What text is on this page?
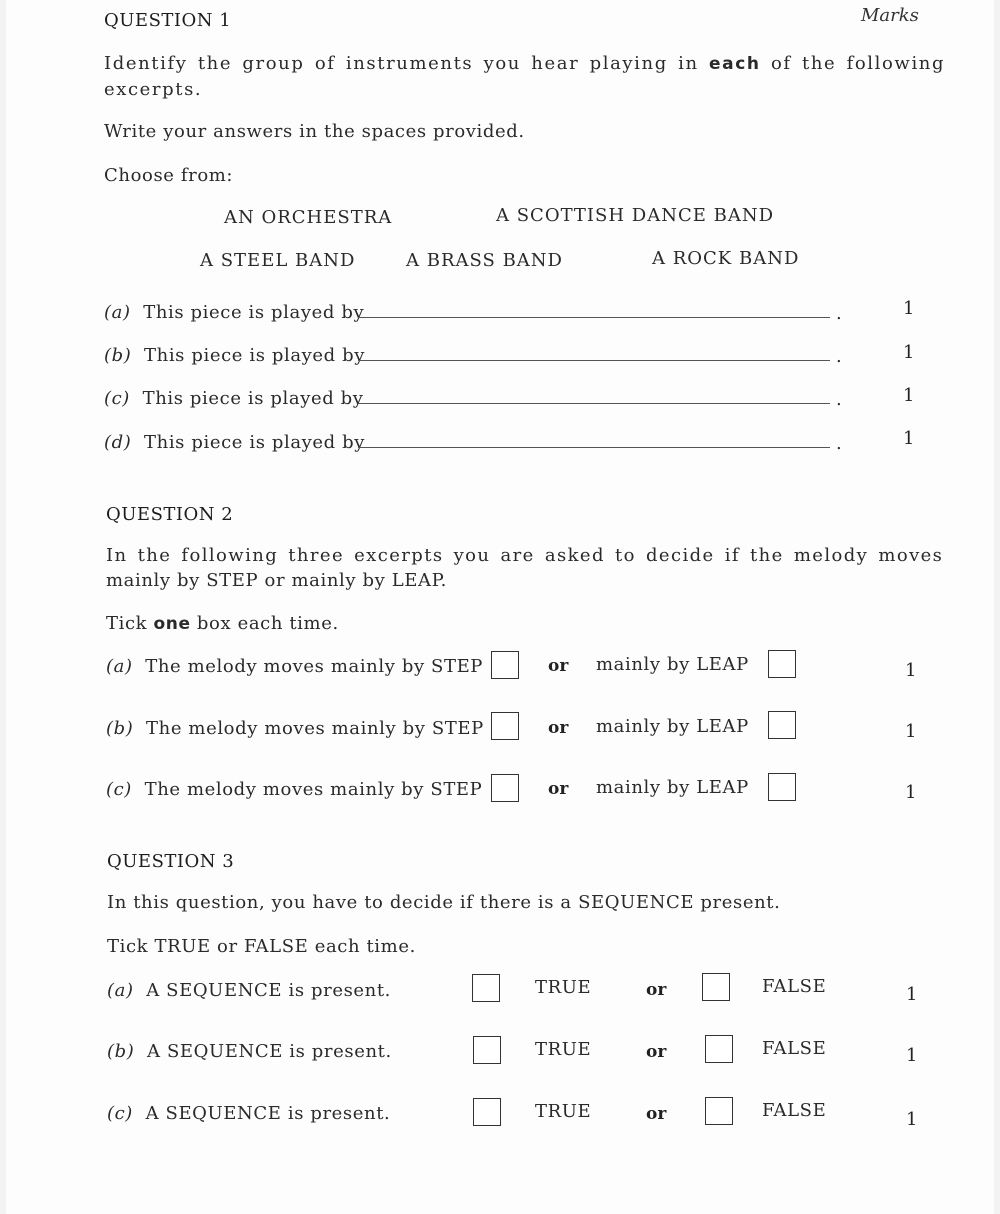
Marks
QUESTION 1
Identify the group of instruments you hear playing in each of the following
excerpts.
Write your answers in the spaces provided.
Choose from:
AN ORCHESTRA	A SCOTTISH DANCE BAND
A STEEL BAND	A BRASS BAND	A ROCK BAND
(a) This piece is played by	.	1
(b) This piece is played by	.	1
(c) This piece is played by	.	1
(d) This piece is played by	.	1
QUESTION 2
In the following three excerpts you are asked to decide if the melody moves
mainly by STEP or mainly by LEAP.
Tick one box each time.
(a) The melody moves mainly by STEP	or mainly by LEAP	1
(b) The melody moves mainly by STEP	or mainly by LEAP	1
(c) The melody moves mainly by STEP	or mainly by LEAP	1
QUESTION 3
In this question, you have to decide if there is a SEQUENCE present.
Tick TRUE or FALSE each time.
(a) A SEQUENCE is present.	TRUE	or	FALSE	1
(b) A SEQUENCE is present.	TRUE	or	FALSE	1
(c) A SEQUENCE is present.	TRUE	or	FALSE	1
